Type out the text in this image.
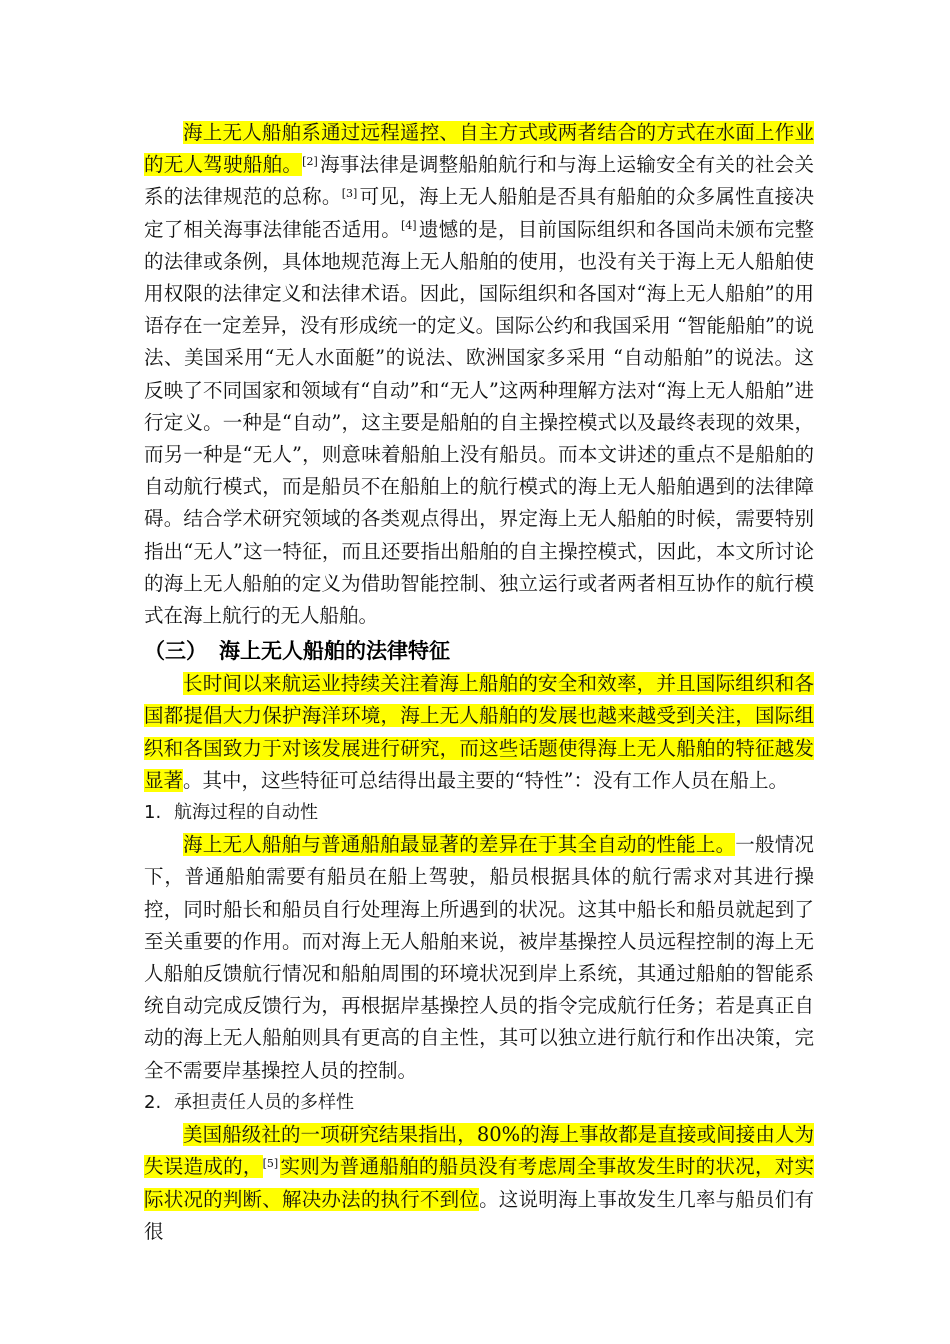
海上无人船舶系通过远程遥控、自主方式或两者结合的方式在水面上作业的无人驾驶船舶。[2] 海事法律是调整船舶航行和与海上运输安全有关的社会关系的法律规范的总称。[3] 可见，海上无人船舶是否具有船舶的众多属性直接决定了相关海事法律能否适用。[4] 遗憾的是，目前国际组织和各国尚未颁布完整的法律或条例，具体地规范海上无人船舶的使用，也没有关于海上无人船舶使用权限的法律定义和法律术语。因此，国际组织和各国对“海上无人船舶”的用语存在一定差异，没有形成统一的定义。国际公约和我国采用 “智能船舶”的说法、美国采用“无人水面艇”的说法、欧洲国家多采用 “自动船舶”的说法。这反映了不同国家和领域有“自动”和“无人”这两种理解方法对“海上无人船舶”进行定义。一种是“自动”，这主要是船舶的自主操控模式以及最终表现的效果，而另一种是“无人”，则意味着船舶上没有船员。而本文讲述的重点不是船舶的自动航行模式，而是船员不在船舶上的航行模式的海上无人船舶遇到的法律障碍。结合学术研究领域的各类观点得出，界定海上无人船舶的时候，需要特别指出“无人”这一特征，而且还要指出船舶的自主操控模式，因此，本文所讨论的海上无人船舶的定义为借助智能控制、独立运行或者两者相互协作的航行模式在海上航行的无人船舶。

（三） 海上无人船舶的法律特征

长时间以来航运业持续关注着海上船舶的安全和效率，并且国际组织和各国都提倡大力保护海洋环境，海上无人船舶的发展也越来越受到关注，国际组织和各国致力于对该发展进行研究，而这些话题使得海上无人船舶的特征越发显著。其中，这些特征可总结得出最主要的“特性”：没有工作人员在船上。

1. 航海过程的自动性

海上无人船舶与普通船舶最显著的差异在于其全自动的性能上。一般情况下，普通船舶需要有船员在船上驾驶，船员根据具体的航行需求对其进行操控，同时船长和船员自行处理海上所遇到的状况。这其中船长和船员就起到了至关重要的作用。而对海上无人船舶来说，被岸基操控人员远程控制的海上无人船舶反馈航行情况和船舶周围的环境状况到岸上系统，其通过船舶的智能系统自动完成反馈行为，再根据岸基操控人员的指令完成航行任务；若是真正自动的海上无人船舶则具有更高的自主性，其可以独立进行航行和作出决策，完全不需要岸基操控人员的控制。

2. 承担责任人员的多样性

美国船级社的一项研究结果指出，80%的海上事故都是直接或间接由人为失误造成的，[5] 实则为普通船舶的船员没有考虑周全事故发生时的状况，对实际状况的判断、解决办法的执行不到位。这说明海上事故发生几率与船员们有很
